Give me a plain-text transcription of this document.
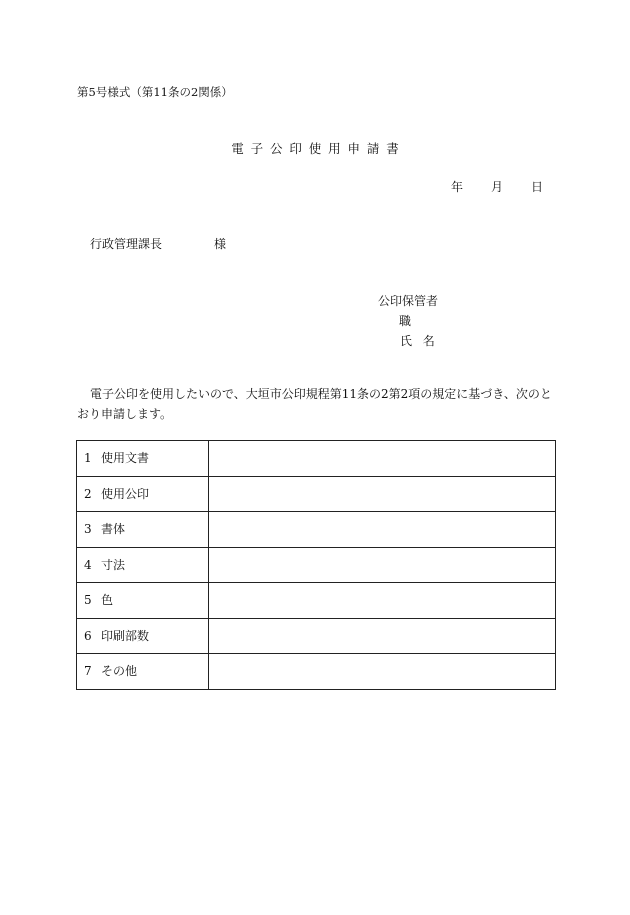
第5号様式（第11条の2関係）
電子公印使用申請書
年 月 日
行政管理課長	様
公印保管者
職
氏名
電子公印を使用したいので、大垣市公印規程第11条の2第2項の規定に基づき、次のとおり申請します。
1 使用文書	
2 使用公印	
3 書体	
4 寸法	
5 色	
6 印刷部数	
7 その他	
